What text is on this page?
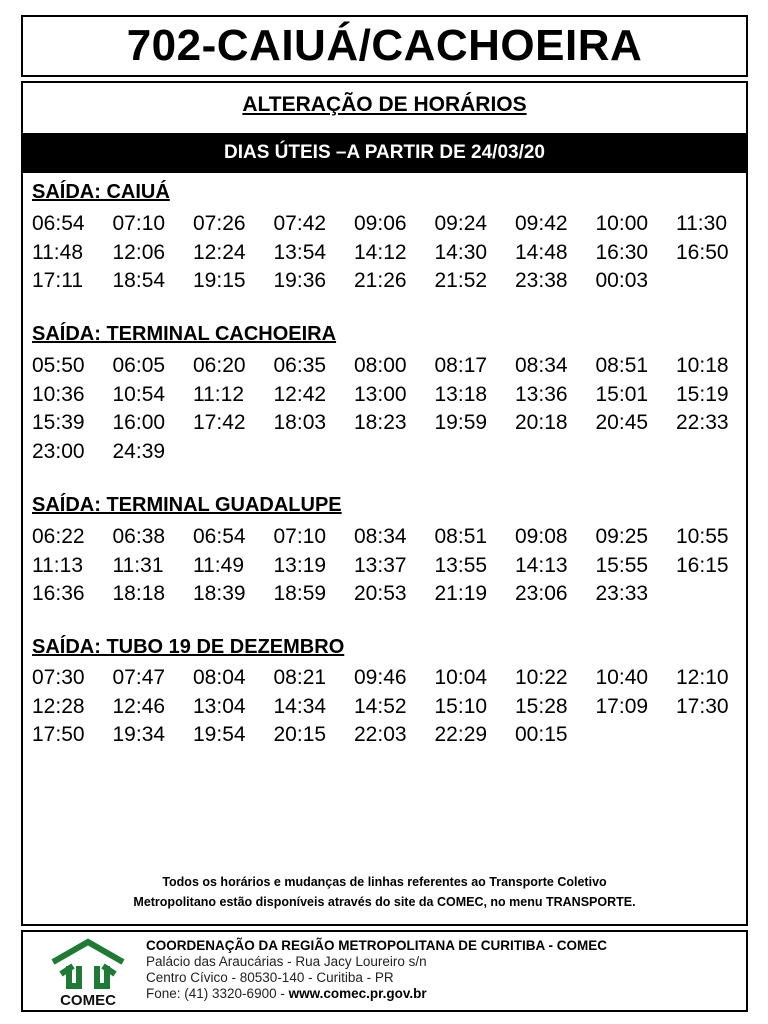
702-CAIUÁ/CACHOEIRA
ALTERAÇÃO DE HORÁRIOS
DIAS ÚTEIS –A PARTIR DE 24/03/20
SAÍDA: CAIUÁ
06:54	07:10	07:26	07:42	09:06	09:24	09:42	10:00	11:30
11:48	12:06	12:24	13:54	14:12	14:30	14:48	16:30	16:50
17:11	18:54	19:15	19:36	21:26	21:52	23:38	00:03
SAÍDA: TERMINAL CACHOEIRA
05:50	06:05	06:20	06:35	08:00	08:17	08:34	08:51	10:18
10:36	10:54	11:12	12:42	13:00	13:18	13:36	15:01	15:19
15:39	16:00	17:42	18:03	18:23	19:59	20:18	20:45	22:33
23:00	24:39
SAÍDA: TERMINAL GUADALUPE
06:22	06:38	06:54	07:10	08:34	08:51	09:08	09:25	10:55
11:13	11:31	11:49	13:19	13:37	13:55	14:13	15:55	16:15
16:36	18:18	18:39	18:59	20:53	21:19	23:06	23:33
SAÍDA: TUBO 19 DE DEZEMBRO
07:30	07:47	08:04	08:21	09:46	10:04	10:22	10:40	12:10
12:28	12:46	13:04	14:34	14:52	15:10	15:28	17:09	17:30
17:50	19:34	19:54	20:15	22:03	22:29	00:15
Todos os horários e mudanças de linhas referentes ao Transporte Coletivo
Metropolitano estão disponíveis através do site da COMEC, no menu TRANSPORTE.
COMEC
COORDENAÇÃO DA REGIÃO METROPOLITANA DE CURITIBA - COMEC
Palácio das Araucárias - Rua Jacy Loureiro s/n
Centro Cívico - 80530-140 - Curitiba - PR
Fone: (41) 3320-6900 - www.comec.pr.gov.br
